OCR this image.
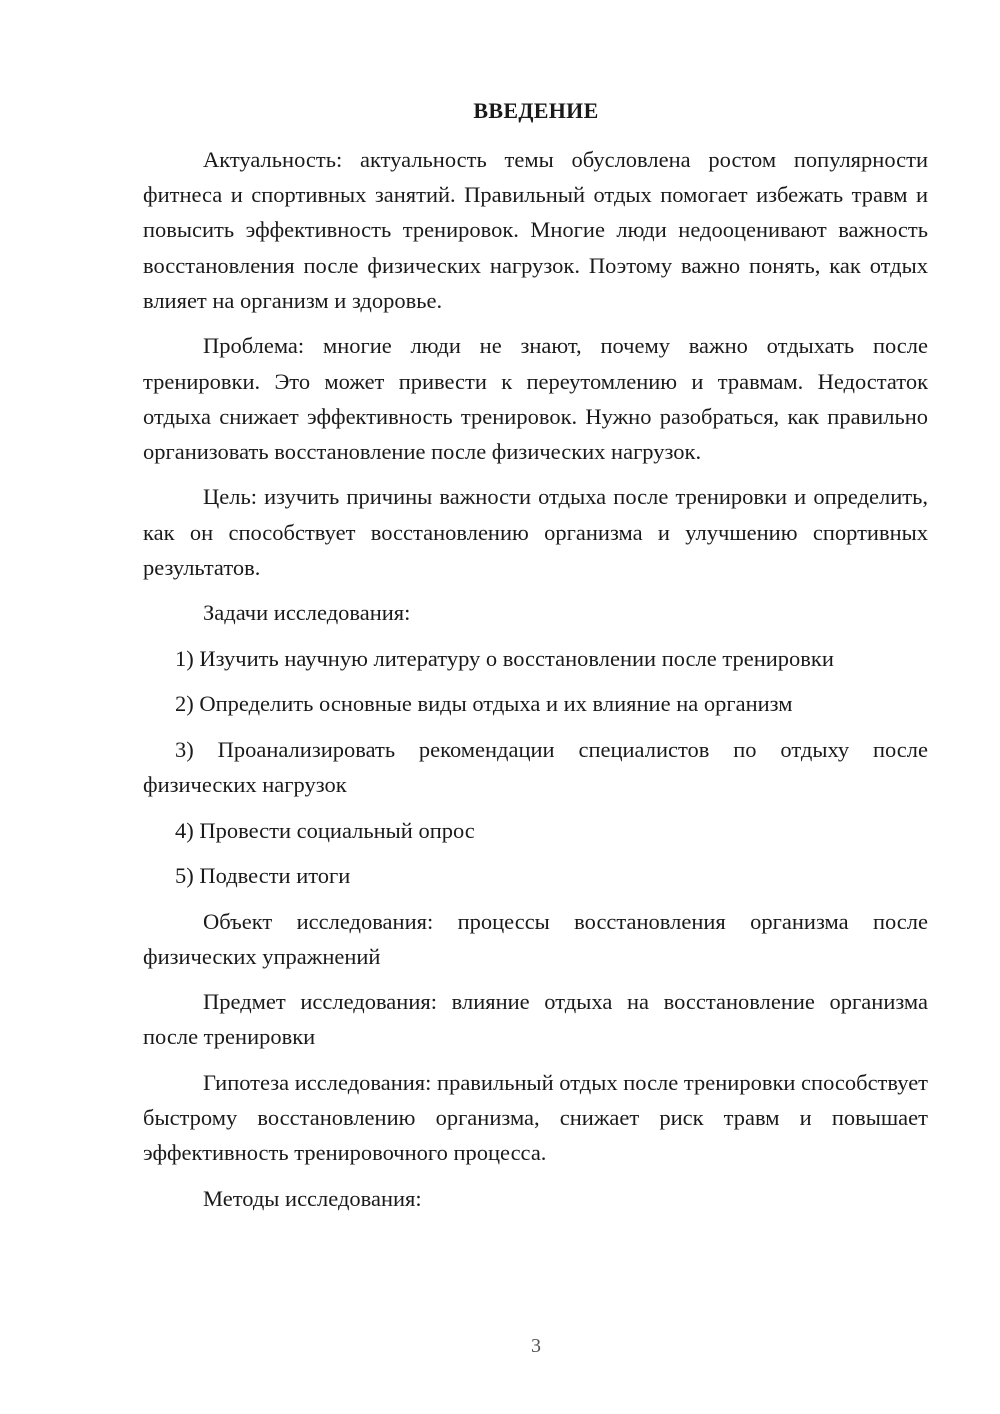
ВВЕДЕНИЕ

Актуальность: актуальность темы обусловлена ростом популярности фитнеса и спортивных занятий. Правильный отдых помогает избежать травм и повысить эффективность тренировок. Многие люди недооценивают важность восстановления после физических нагрузок. Поэтому важно понять, как отдых влияет на организм и здоровье.

Проблема: многие люди не знают, почему важно отдыхать после тренировки. Это может привести к переутомлению и травмам. Недостаток отдыха снижает эффективность тренировок. Нужно разобраться, как правильно организовать восстановление после физических нагрузок.

Цель: изучить причины важности отдыха после тренировки и определить, как он способствует восстановлению организма и улучшению спортивных результатов.

Задачи исследования:

1) Изучить научную литературу о восстановлении после тренировки

2) Определить основные виды отдыха и их влияние на организм

3) Проанализировать рекомендации специалистов по отдыху после физических нагрузок

4) Провести социальный опрос

5) Подвести итоги

Объект исследования: процессы восстановления организма после физических упражнений

Предмет исследования: влияние отдыха на восстановление организма после тренировки

Гипотеза исследования: правильный отдых после тренировки способствует быстрому восстановлению организма, снижает риск травм и повышает эффективность тренировочного процесса.

Методы исследования:

3
